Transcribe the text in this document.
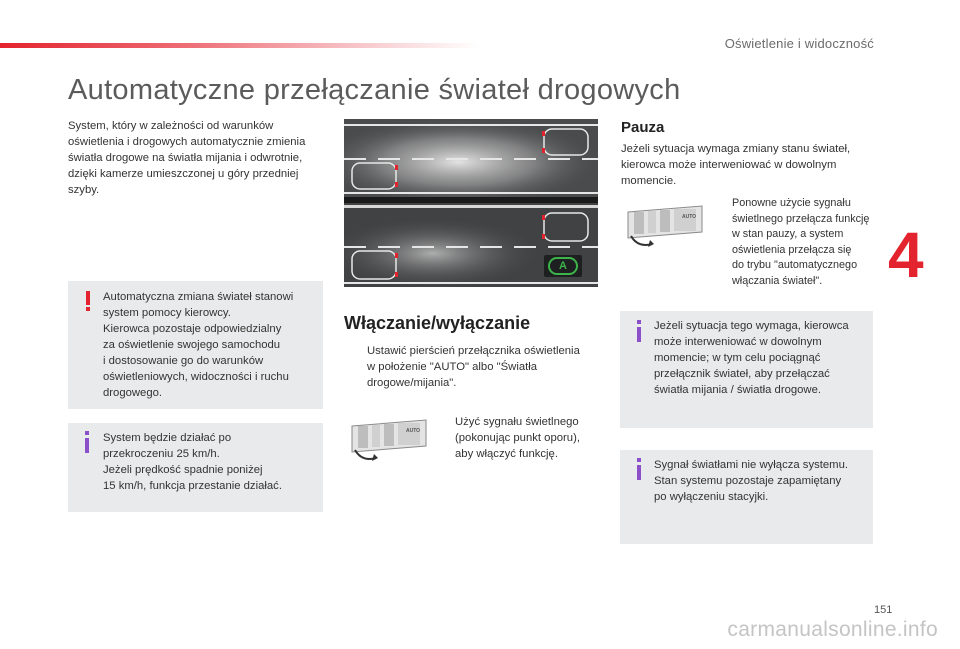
Oświetlenie i widoczność
Automatyczne przełączanie świateł drogowych
4
System, który w zależności od warunków oświetlenia i drogowych automatycznie zmienia światła drogowe na światła mijania i odwrotnie, dzięki kamerze umieszczonej u góry przedniej szyby.
Automatyczna zmiana świateł stanowi
system pomocy kierowcy.
Kierowca pozostaje odpowiedzialny
za oświetlenie swojego samochodu
i dostosowanie go do warunków
oświetleniowych, widoczności i ruchu
drogowego.
System będzie działać po
przekroczeniu 25 km/h.
Jeżeli prędkość spadnie poniżej
15 km/h, funkcja przestanie działać.
A
Włączanie/wyłączanie
Ustawić pierścień przełącznika oświetlenia
w położenie "AUTO" albo "Światła
drogowe/mijania".
AUTO
Użyć sygnału świetlnego
(pokonując punkt oporu),
aby włączyć funkcję.
Pauza
Jeżeli sytuacja wymaga zmiany stanu świateł, kierowca może interweniować w dowolnym momencie.
AUTO
Ponowne użycie sygnału
świetlnego przełącza funkcję
w stan pauzy, a system
oświetlenia przełącza się
do trybu "automatycznego
włączania świateł".
Jeżeli sytuacja tego wymaga, kierowca
może interweniować w dowolnym
momencie; w tym celu pociągnąć
przełącznik świateł, aby przełączać
światła mijania / światła drogowe.
Sygnał światłami nie wyłącza systemu.
Stan systemu pozostaje zapamiętany
po wyłączeniu stacyjki.
151
carmanualsonline.info
